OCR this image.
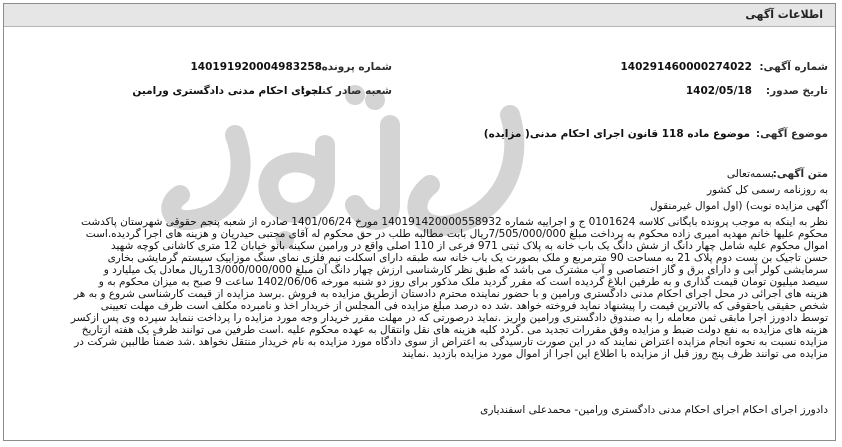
اطلاعات آگهی
شماره آگهی:
140291460000274022
شماره پرونده:
140191920004983258
تاریخ صدور:
1402/05/18
شعبه صادر کننده:
اجرای احکام مدنی دادگستری ورامین
موضوع آگهی:
موضوع ماده 118 قانون اجرای احکام مدنی( مزایده)
متن آگهی:
بسمه‌تعالی
به روزنامه رسمی کل کشور
آگهی مزایده نوبت) (اول اموال غیرمنقول
نظر به اینکه به موجب پرونده بایگانی کلاسه 0101624 ج و اجراییه شماره 140191420000558932 مورخ 1401/06/24 صادره از شعبه پنجم حقوقی شهرستان پاکدشت
محکوم علیها خانم مهدیه امیری زاده محکوم به پرداخت مبلغ 7/505/000/000ریال بابت مطالبه طلب در حق محکوم له آقای مجتبی حیدریان و هزینه های اجرا گردیده.است
اموال محکوم علیه شامل چهار دانگ از شش دانگ یک باب خانه به پلاک ثبتی 971 فرعی از 110 اصلی واقع در ورامین سکینه بانو خیابان 12 متری کاشانی کوچه شهید
حسن تاجیک بن بست دوم پلاک 21 به مساحت 90 مترمربع و ملک بصورت یک باب خانه سه طبقه دارای اسکلت نیم فلزی نمای سنگ موزاییک سیستم گرمایشی بخاری
سرمایشی کولر آبی و دارای برق و گاز اختصاصی و آب مشترک می باشد که طبق نظر کارشناسی ارزش چهار دانگ آن مبلغ 13/000/000/000ریال معادل یک میلیارد و
سیصد میلیون تومان قیمت گذاری و به طرفین ابلاغ گردیده است که مقرر گردید ملک مذکور برای روز دو شنبه مورخه 1402/06/06 ساعت 9 صبح به میزان محکوم به و
هزینه های اجرائی در محل اجرای احکام مدنی دادگستری ورامین و با حضور نماینده محترم دادستان ازطریق مزایده به فروش .برسد مزایده از قیمت کارشناسی شروع و به هر
شخص حقیقی یاحقوقی که بالاترین قیمت را پیشنهاد نماید فروخته خواهد .شد ده درصد مبلغ مزایده فی المجلس از خریدار اخذ و نامبرده مکلف است ظرف مهلت تعیینی
توسط دادورز اجرا مابقی ثمن معامله را به صندوق دادگستری ورامین واریز .نماید درصورتی که در مهلت مقرر خریدار وجه مورد مزایده را پرداخت ننماید سپرده وی پس ازکسر
هزینه های مزایده به نفع دولت ضبط و مزایده وفق مقررات تجدید می .گردد کلیه هزینه های نقل وانتقال به عهده محکوم علیه .است طرفین می توانند ظرف یک هفته ازتاریخ
مزایده نسبت به نحوه انجام مزایده اعتراض نمایند که در این صورت تارسیدگی به اعتراض از سوی دادگاه مورد مزایده به نام خریدار منتقل نخواهد .شد ضمناً طالبین شرکت در
مزایده می توانند ظرف پنج روز قبل از مزایده با اطلاع این اجرا از اموال مورد مزایده بازدید .نمایند
دادورز اجرای احکام اجرای احکام مدنی دادگستری ورامین- محمدعلی اسفندیاری
